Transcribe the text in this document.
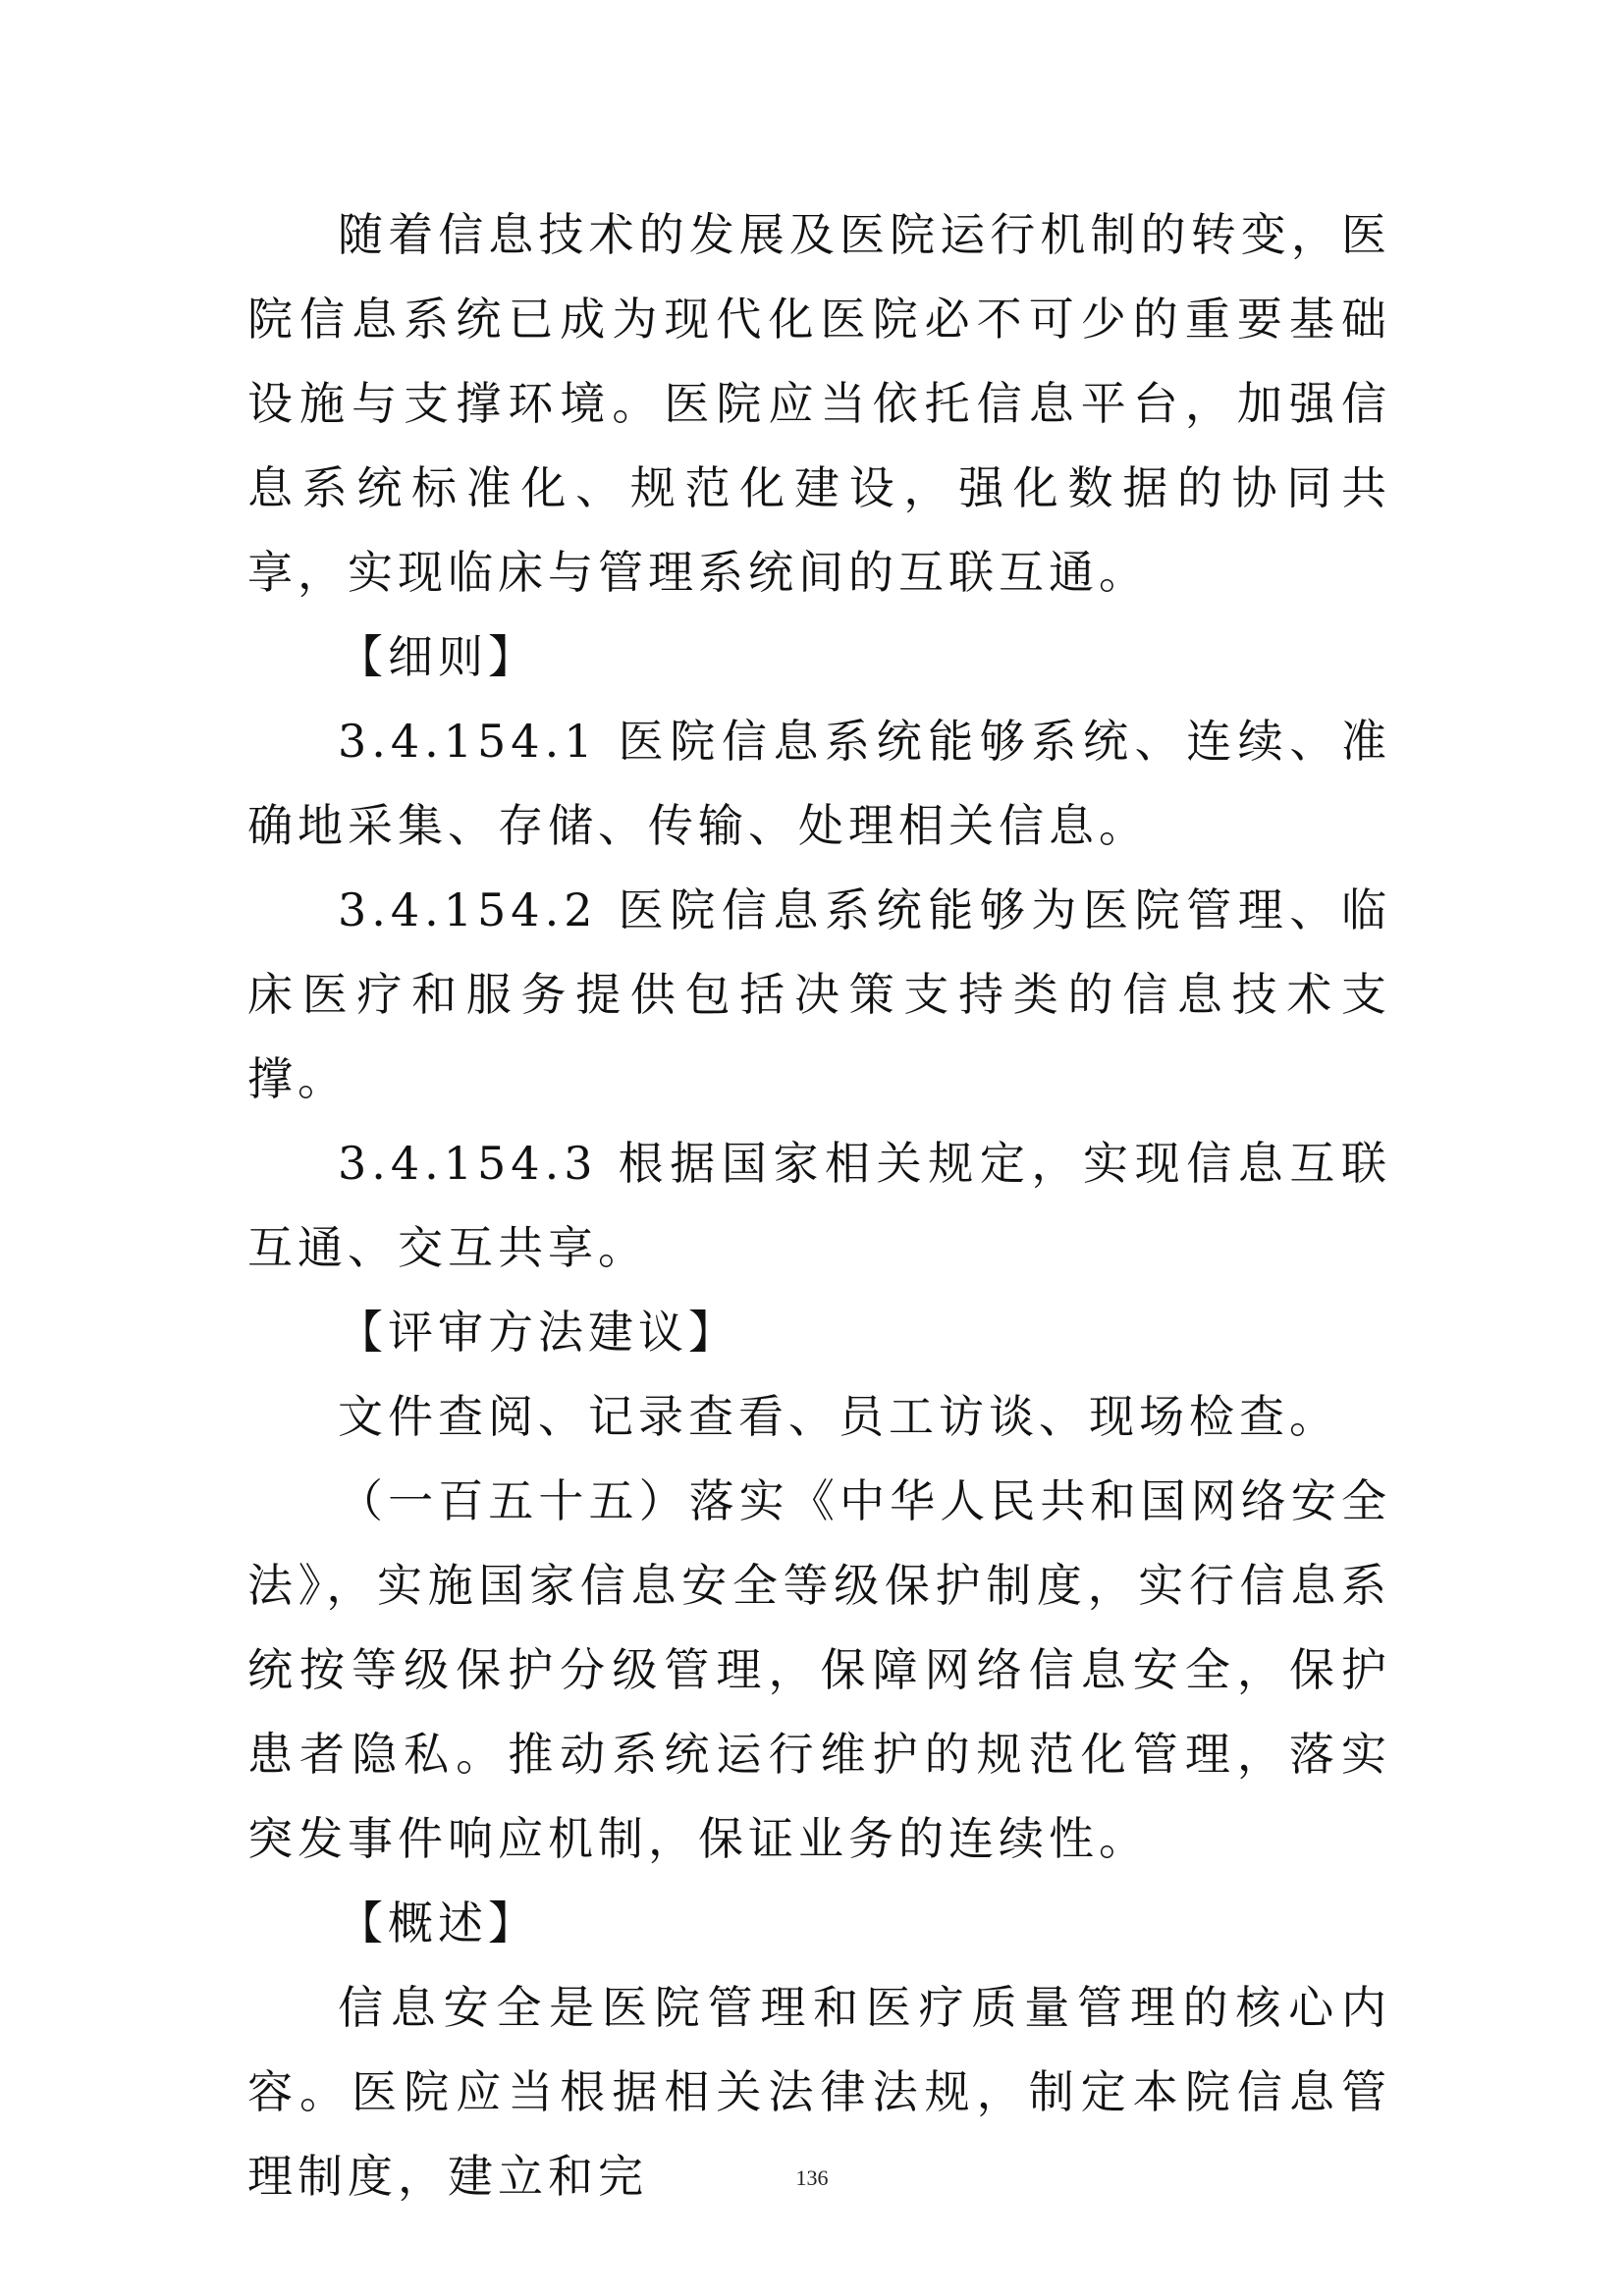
随着信息技术的发展及医院运行机制的转变，医院信息系统已成为现代化医院必不可少的重要基础设施与支撑环境。医院应当依托信息平台，加强信息系统标准化、规范化建设，强化数据的协同共享，实现临床与管理系统间的互联互通。

【细则】

3.4.154.1 医院信息系统能够系统、连续、准确地采集、存储、传输、处理相关信息。

3.4.154.2 医院信息系统能够为医院管理、临床医疗和服务提供包括决策支持类的信息技术支撑。

3.4.154.3 根据国家相关规定，实现信息互联互通、交互共享。

【评审方法建议】

文件查阅、记录查看、员工访谈、现场检查。

（一百五十五）落实《中华人民共和国网络安全法》，实施国家信息安全等级保护制度，实行信息系统按等级保护分级管理，保障网络信息安全，保护患者隐私。推动系统运行维护的规范化管理，落实突发事件响应机制，保证业务的连续性。

【概述】

信息安全是医院管理和医疗质量管理的核心内容。医院应当根据相关法律法规，制定本院信息管理制度，建立和完	136
